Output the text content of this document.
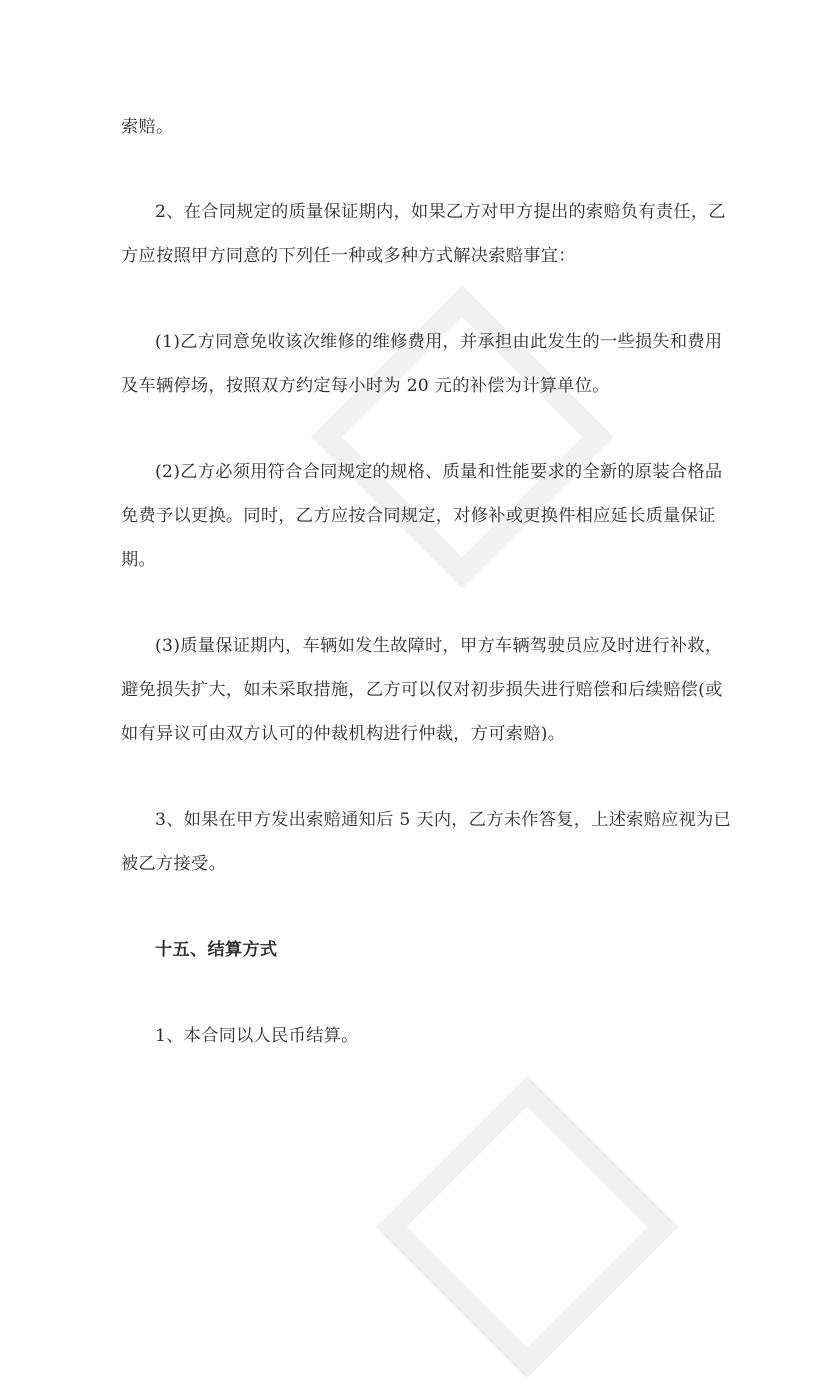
索赔。
2、在合同规定的质量保证期内，如果乙方对甲方提出的索赔负有责任，乙
方应按照甲方同意的下列任一种或多种方式解决索赔事宜：
(1)乙方同意免收该次维修的维修费用，并承担由此发生的一些损失和费用
及车辆停场，按照双方约定每小时为 20 元的补偿为计算单位。
(2)乙方必须用符合合同规定的规格、质量和性能要求的全新的原装合格品
免费予以更换。同时，乙方应按合同规定，对修补或更换件相应延长质量保证
期。
(3)质量保证期内，车辆如发生故障时，甲方车辆驾驶员应及时进行补救，
避免损失扩大，如未采取措施，乙方可以仅对初步损失进行赔偿和后续赔偿(或
如有异议可由双方认可的仲裁机构进行仲裁，方可索赔)。
3、如果在甲方发出索赔通知后 5 天内，乙方未作答复，上述索赔应视为已
被乙方接受。
十五、结算方式
1、本合同以人民币结算。
